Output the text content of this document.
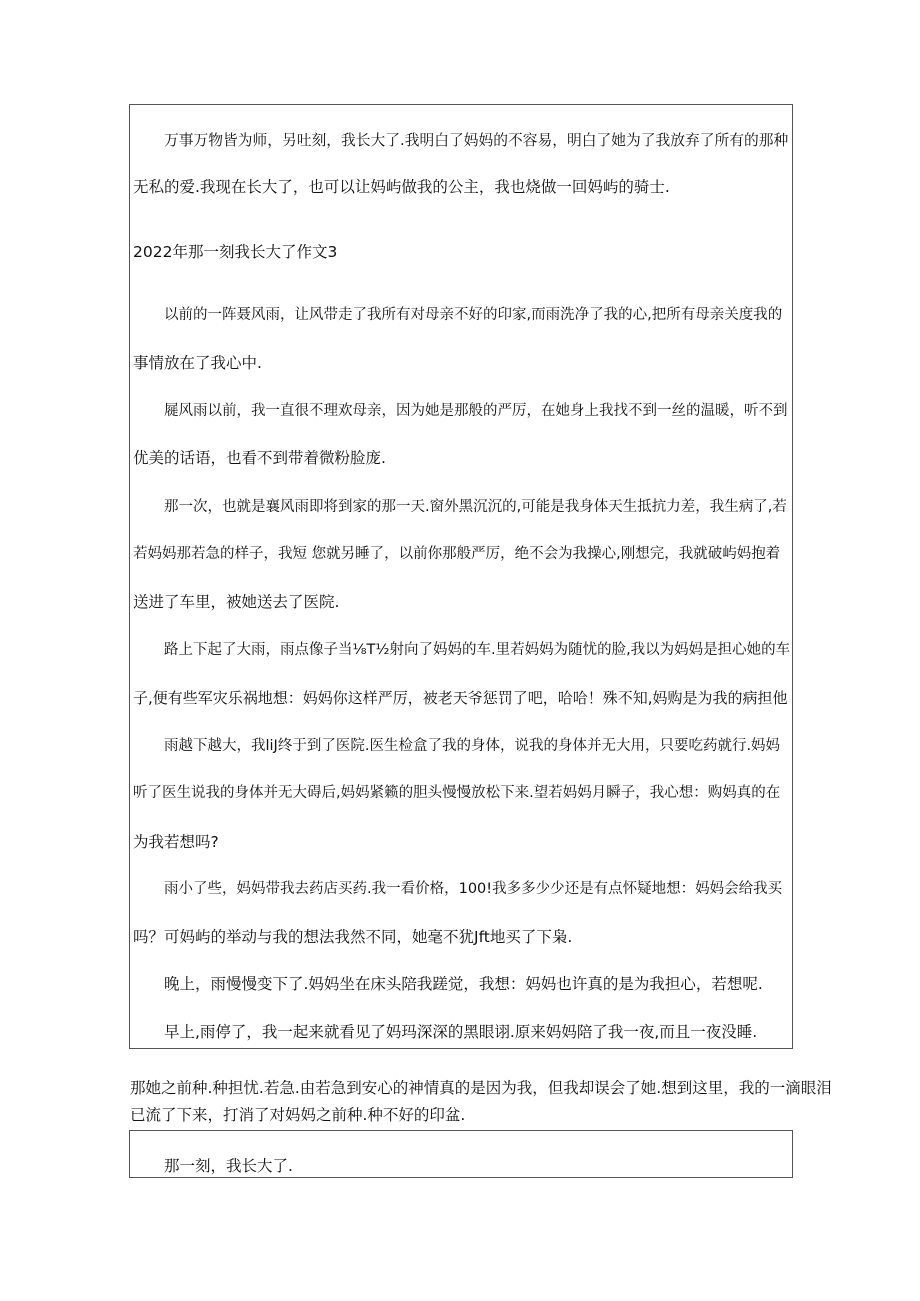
万事万物皆为师，另吐刻，我长大了.我明白了妈妈的不容易，明白了她为了我放弃了所有的那种
无私的爱.我现在长大了，也可以让妈屿做我的公主，我也烧做一回妈屿的骑士.
2022年那一刻我长大了作文3
以前的一阵聂风雨，让风带走了我所有对母亲不好的印家,而雨洗净了我的心,把所有母亲关度我的
事情放在了我心中.
屣风雨以前，我一直很不理欢母亲，因为她是那般的严厉，在她身上我找不到一丝的温暖，听不到
优美的话语，也看不到带着微粉脸庞.
那一次，也就是襄风雨即将到家的那一天.窗外黑沉沉的,可能是我身体天生抵抗力差，我生病了,若
若妈妈那若急的样子，我短 您就另睡了，以前你那般严厉，绝不会为我操心,刚想完，我就破屿妈抱着
送进了车里，被她送去了医院.
路上下起了大雨，雨点像子当⅛T½射向了妈妈的车.里若妈妈为随忧的脸,我以为妈妈是担心她的车
子,便有些军灾乐祸地想：妈妈你这样严厉，被老天爷惩罚了吧，哈哈！殊不知,妈购是为我的病担他
雨越下越大，我liJ终于到了医院.医生检盒了我的身体，说我的身体并无大用，只要吃药就行.妈妈
听了医生说我的身体并无大碍后,妈妈紧籁的胆头慢慢放松下来.望若妈妈月瞬子，我心想：购妈真的在
为我若想吗?
雨小了些，妈妈带我去药店买药.我一看价格，100!我多多少少还是有点怀疑地想：妈妈会给我买
吗？可妈屿的举动与我的想法我然不同，她毫不犹Jft地买了下枭.
晚上，雨慢慢变下了.妈妈坐在床头陪我蹉觉，我想：妈妈也许真的是为我担心，若想呢.
早上,雨停了，我一起来就看见了妈玛深深的黑眼诩.原来妈妈陪了我一夜,而且一夜没睡.
那她之前种.种担忧.若急.由若急到安心的神情真的是因为我，但我却误会了她.想到这里，我的一滴眼泪
已流了下来，打消了对妈妈之前种.种不好的印盆.
那一刻，我长大了.
